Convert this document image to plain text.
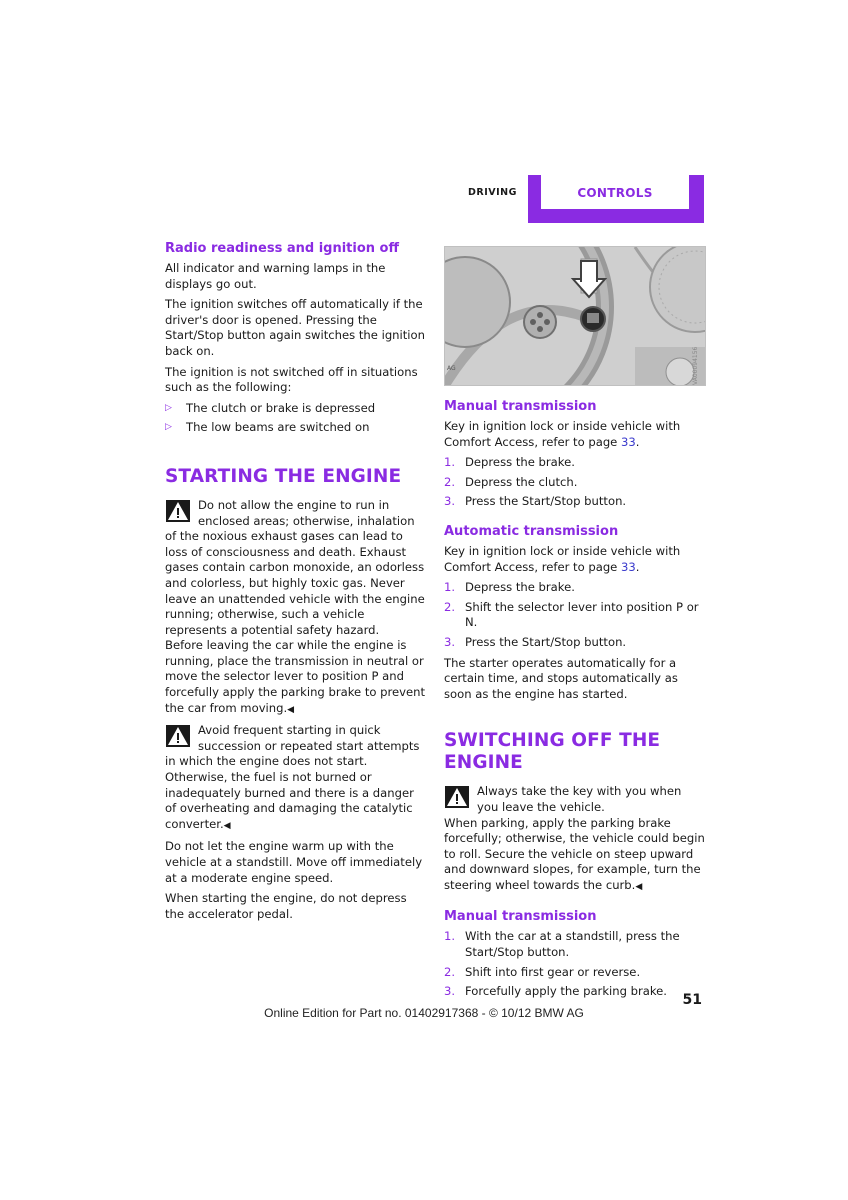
DRIVING	CONTROLS
Radio readiness and ignition off

All indicator and warning lamps in the displays go out.

The ignition switches off automatically if the driver's door is opened. Pressing the Start/Stop button again switches the ignition back on.

The ignition is not switched off in situations such as the following:

▷ The clutch or brake is depressed
▷ The low beams are switched on
STARTING THE ENGINE

Do not allow the engine to run in enclosed areas; otherwise, inhalation of the noxious exhaust gases can lead to loss of consciousness and death. Exhaust gases contain carbon monoxide, an odorless and colorless, but highly toxic gas. Never leave an unattended vehicle with the engine running; otherwise, such a vehicle represents a potential safety hazard.

Before leaving the car while the engine is running, place the transmission in neutral or move the selector lever to position P and forcefully apply the parking brake to prevent the car from moving.◀

Avoid frequent starting in quick succession or repeated start attempts in which the engine does not start. Otherwise, the fuel is not burned or inadequately burned and there is a danger of overheating and damaging the catalytic converter.◀

Do not let the engine warm up with the vehicle at a standstill. Move off immediately at a moderate engine speed.

When starting the engine, do not depress the accelerator pedal.

AG	VA00094156
Manual transmission

Key in ignition lock or inside vehicle with Comfort Access, refer to page 33.

1. Depress the brake.
2. Depress the clutch.
3. Press the Start/Stop button.
Automatic transmission

Key in ignition lock or inside vehicle with Comfort Access, refer to page 33.

1. Depress the brake.
2. Shift the selector lever into position P or N.
3. Press the Start/Stop button.

The starter operates automatically for a certain time, and stops automatically as soon as the engine has started.

SWITCHING OFF THE ENGINE

Always take the key with you when you leave the vehicle.

When parking, apply the parking brake forcefully; otherwise, the vehicle could begin to roll. Secure the vehicle on steep upward and downward slopes, for example, turn the steering wheel towards the curb.◀

Manual transmission
1. With the car at a standstill, press the Start/Stop button.
2. Shift into first gear or reverse.
3. Forcefully apply the parking brake.
51
Online Edition for Part no. 01402917368 - © 10/12 BMW AG
